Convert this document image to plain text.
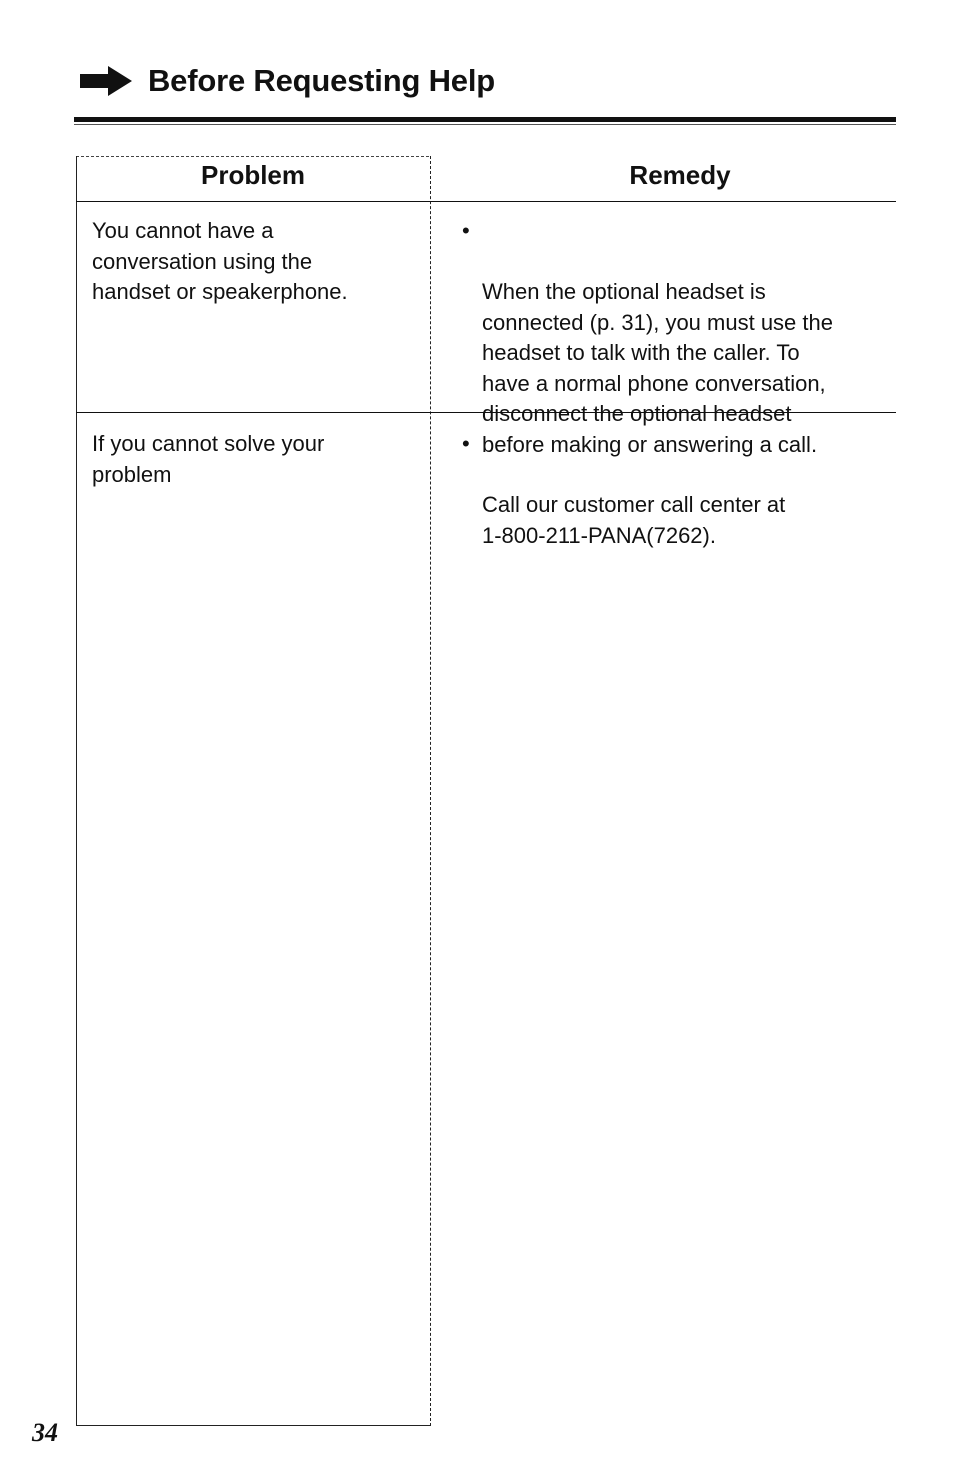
Before Requesting Help
Problem	Remedy
You cannot have a
conversation using the
handset or speakerphone.

•

When the optional headset is
connected (p. 31), you must use the
headset to talk with the caller. To
have a normal phone conversation,
disconnect the optional headset
before making or answering a call.

If you cannot solve your
problem

•

Call our customer call center at
1-800-211-PANA(7262).

34
